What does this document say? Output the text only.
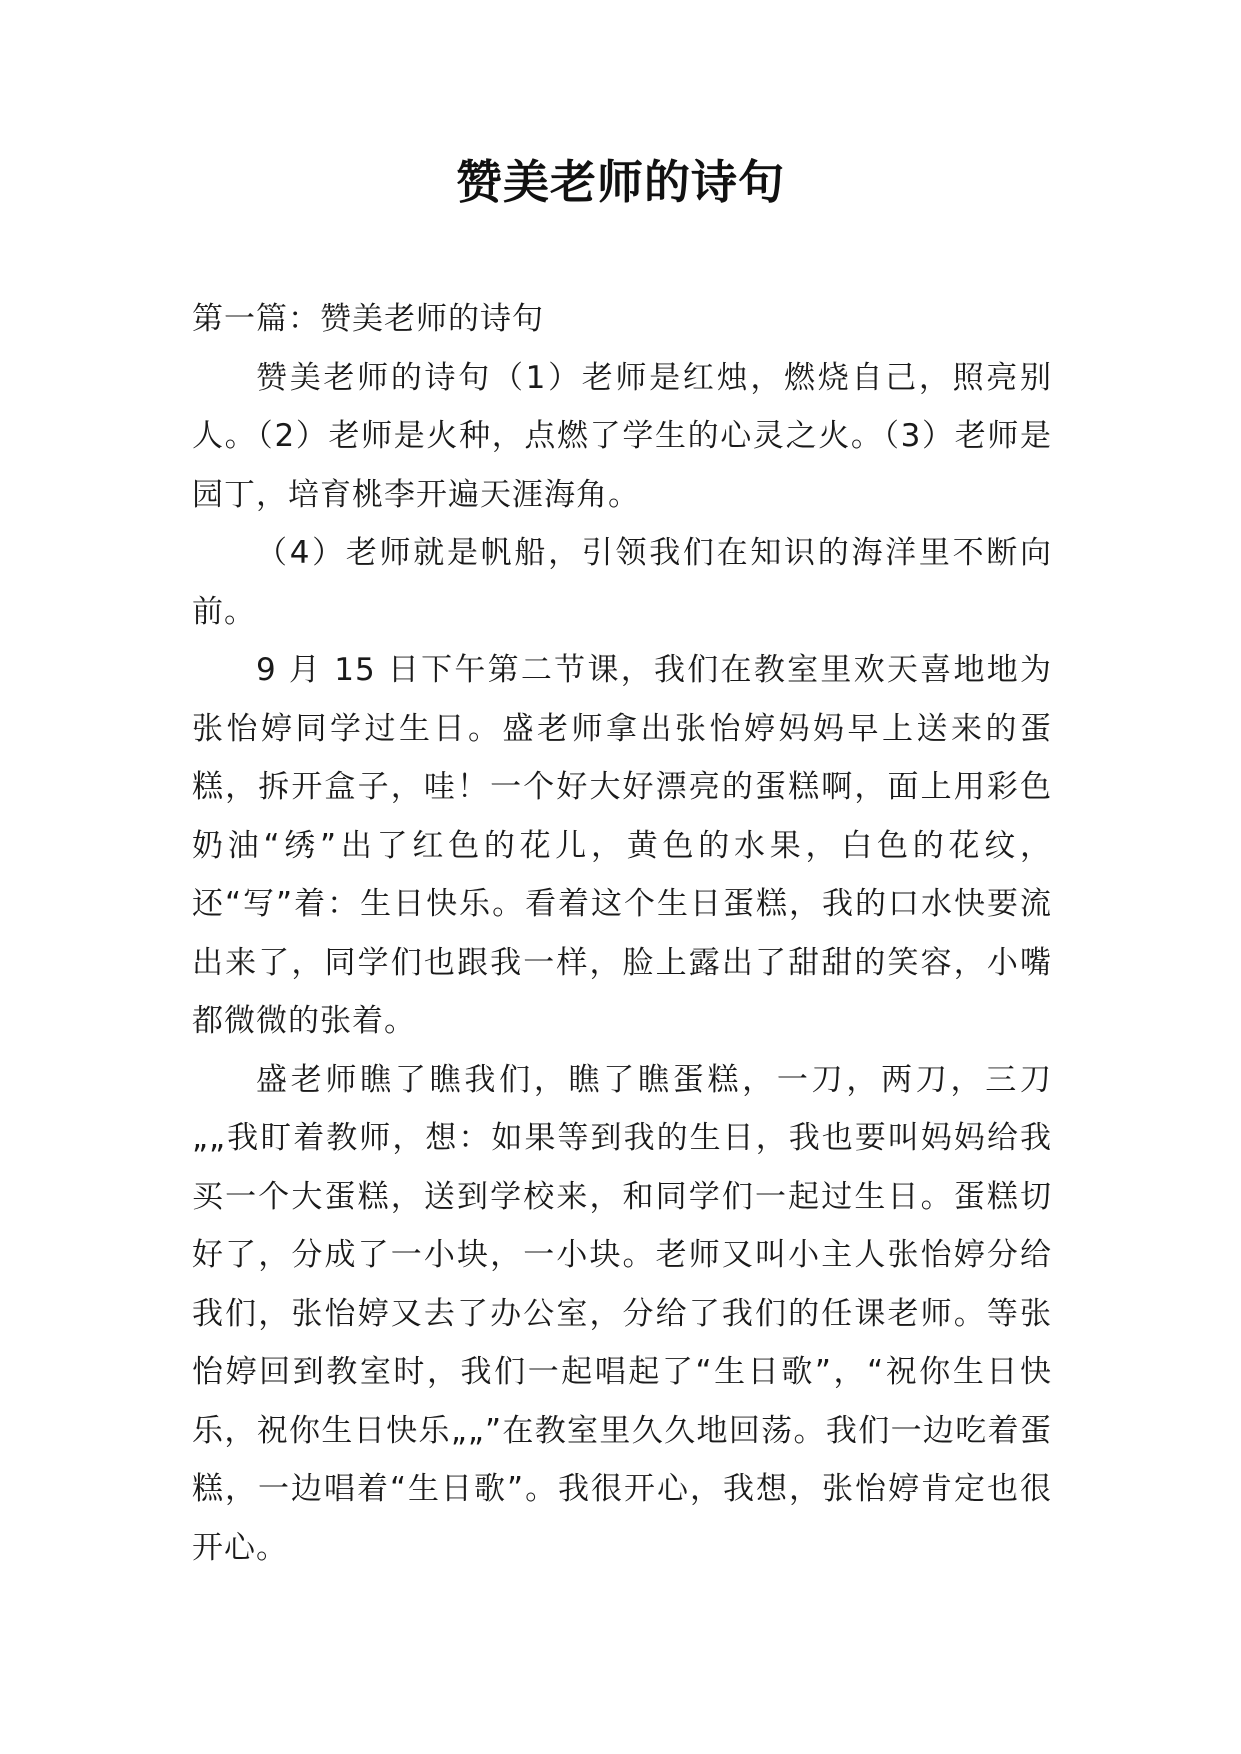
赞美老师的诗句

第一篇：赞美老师的诗句

赞美老师的诗句（1）老师是红烛，燃烧自己，照亮别人。（2）老师是火种，点燃了学生的心灵之火。（3）老师是园丁，培育桃李开遍天涯海角。

（4）老师就是帆船，引领我们在知识的海洋里不断向前。

9 月 15 日下午第二节课，我们在教室里欢天喜地地为张怡婷同学过生日。盛老师拿出张怡婷妈妈早上送来的蛋糕，拆开盒子，哇！一个好大好漂亮的蛋糕啊，面上用彩色奶油“绣”出了红色的花儿，黄色的水果，白色的花纹，还“写”着：生日快乐。看着这个生日蛋糕，我的口水快要流出来了，同学们也跟我一样，脸上露出了甜甜的笑容，小嘴都微微的张着。

盛老师瞧了瞧我们，瞧了瞧蛋糕，一刀，两刀，三刀„„我盯着教师，想：如果等到我的生日，我也要叫妈妈给我买一个大蛋糕，送到学校来，和同学们一起过生日。蛋糕切好了，分成了一小块，一小块。老师又叫小主人张怡婷分给我们，张怡婷又去了办公室，分给了我们的任课老师。等张怡婷回到教室时，我们一起唱起了“生日歌”，“祝你生日快乐，祝你生日快乐„„”在教室里久久地回荡。我们一边吃着蛋糕，一边唱着“生日歌”。我很开心，我想，张怡婷肯定也很开心。
